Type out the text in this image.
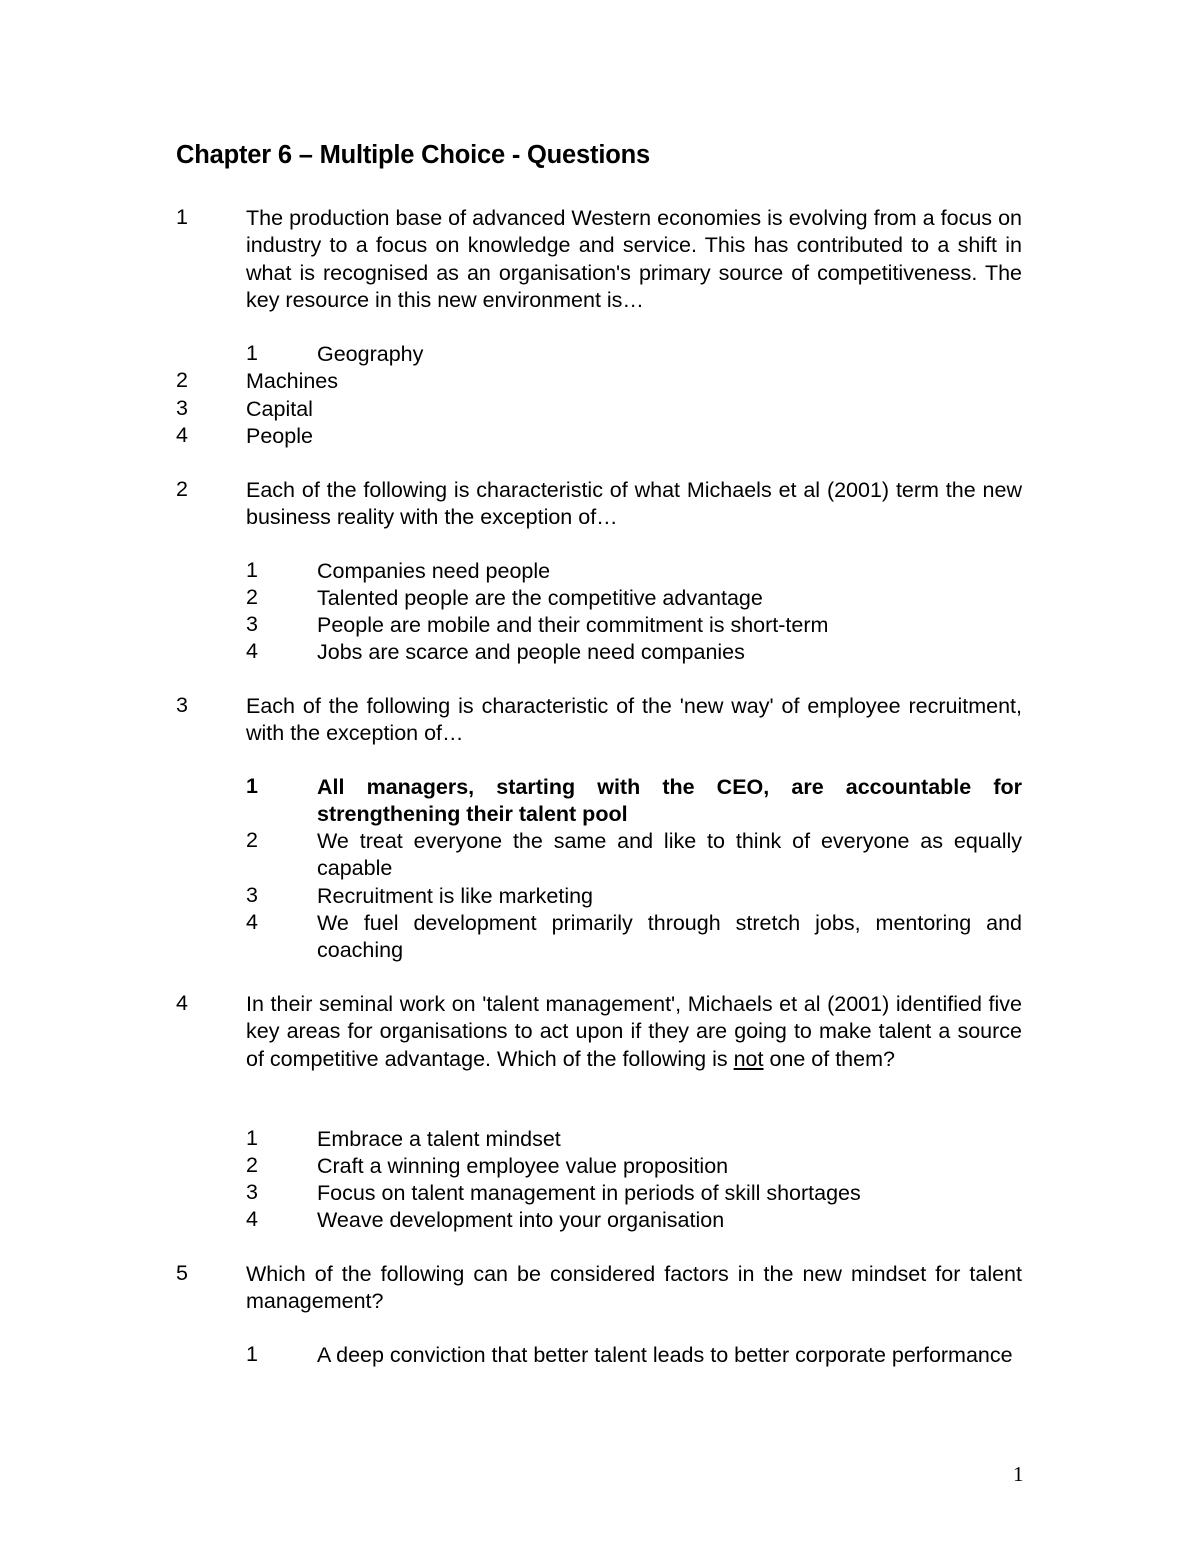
Chapter 6 – Multiple Choice - Questions
1	The production base of advanced Western economies is evolving from a focus on industry to a focus on knowledge and service. This has contributed to a shift in what is recognised as an organisation's primary source of competitiveness. The key resource in this new environment is…
1	Geography
2	Machines
3	Capital
4	People
2	Each of the following is characteristic of what Michaels et al (2001) term the new business reality with the exception of…
1	Companies need people
2	Talented people are the competitive advantage
3	People are mobile and their commitment is short-term
4	Jobs are scarce and people need companies
3	Each of the following is characteristic of the 'new way' of employee recruitment, with the exception of…
1	All managers, starting with the CEO, are accountable for strengthening their talent pool
2	We treat everyone the same and like to think of everyone as equally capable
3	Recruitment is like marketing
4	We fuel development primarily through stretch jobs, mentoring and coaching
4	In their seminal work on 'talent management', Michaels et al (2001) identified five key areas for organisations to act upon if they are going to make talent a source of competitive advantage. Which of the following is not one of them?
1	Embrace a talent mindset
2	Craft a winning employee value proposition
3	Focus on talent management in periods of skill shortages
4	Weave development into your organisation
5	Which of the following can be considered factors in the new mindset for talent management?
1	A deep conviction that better talent leads to better corporate performance
1
